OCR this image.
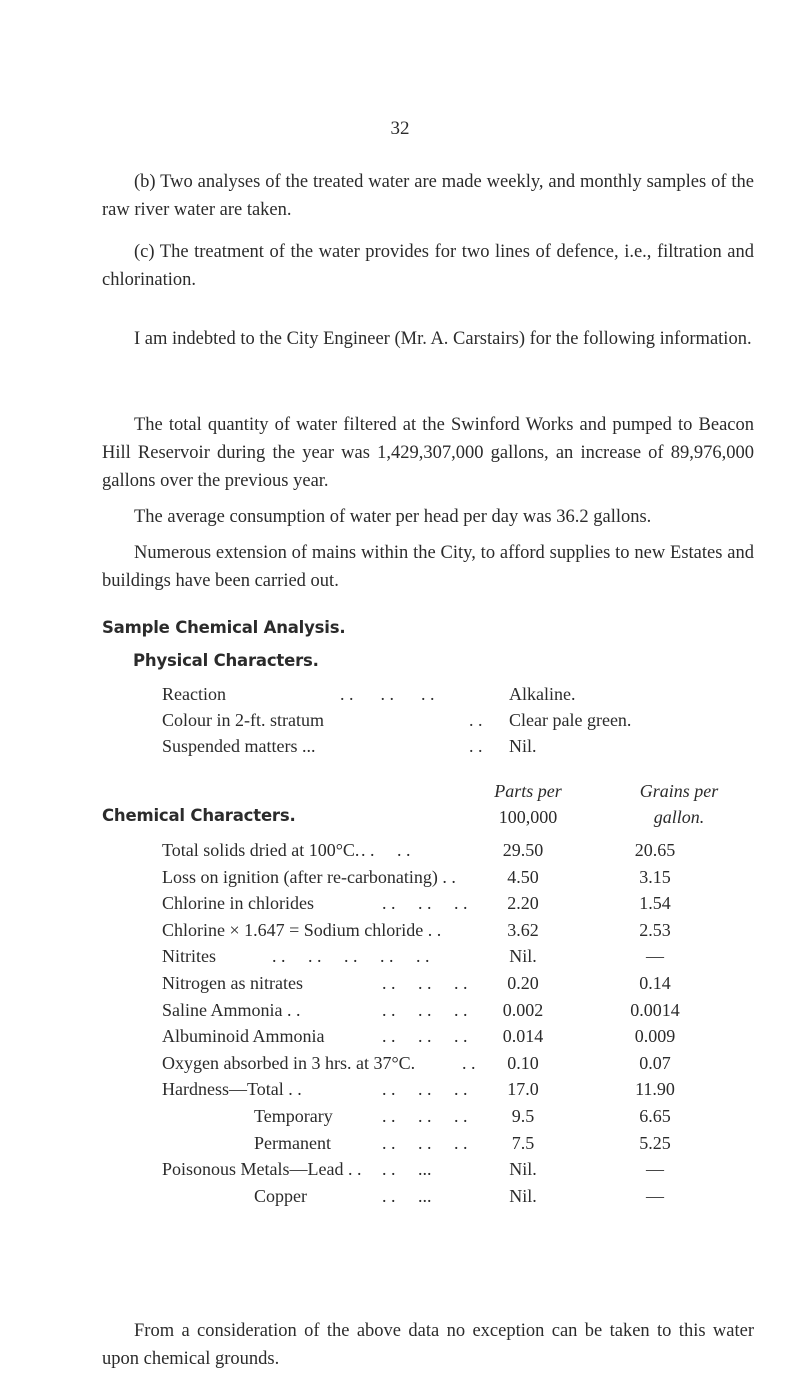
32
(b) Two analyses of the treated water are made weekly, and monthly samples of the raw river water are taken.
(c) The treatment of the water provides for two lines of defence, i.e., filtration and chlorination.
I am indebted to the City Engineer (Mr. A. Carstairs) for the following information.
The total quantity of water filtered at the Swinford Works and pumped to Beacon Hill Reservoir during the year was 1,429,307,000 gallons, an increase of 89,976,000 gallons over the previous year.
The average consumption of water per head per day was 36.2 gallons.
Numerous extension of mains within the City, to afford supplies to new Estates and buildings have been carried out.
Sample Chemical Analysis.
Physical Characters.
Reaction	. .      . .      . .	Alkaline.
Colour in 2-ft. stratum	. . Clear pale green.
Suspended matters ...	. . Nil.
Parts per
100,000
Grains per
gallon.
Chemical Characters.
Total solids dried at 100°C. . .     . .	29.50	20.65
Loss on ignition (after re-carbonating) . .	4.50	3.15
Chlorine in chlorides	. .     . .     . .	2.20	1.54
Chlorine × 1.647 = Sodium chloride . .	3.62	2.53
Nitrites	. .     . .     . .     . .     . .	Nil.	—
Nitrogen as nitrates	. .     . .     . .	0.20	0.14
Saline Ammonia . .	. .     . .     . .	0.002	0.0014
Albuminoid Ammonia	. .     . .     . .	0.014	0.009
Oxygen absorbed in 3 hrs. at 37°C.	. .	0.10	0.07
Hardness—Total . .	. .     . .     . .	17.0	11.90
Temporary	. .     . .     . .	9.5	6.65
Permanent	. .     . .     . .	7.5	5.25
Poisonous Metals—Lead . . . .     ...	Nil.	—
Copper	. .     ...	Nil.	—
From a consideration of the above data no exception can be taken to this water upon chemical grounds.
